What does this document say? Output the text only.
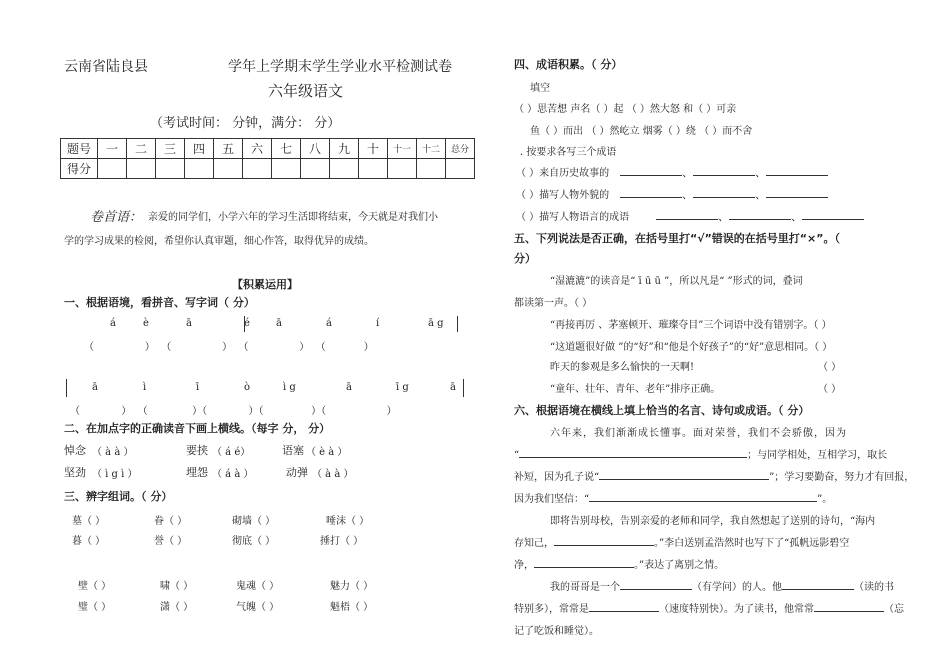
云南省陆良县	学年上学期末学生学业水平检测试卷
六年级语文
（考试时间： 分钟，满分： 分）
题号	一	二	三	四	五	六	七	八	九	十	十一	十二	总分
得分													
卷首语： 亲爱的同学们，小学六年的学习生活即将结束，今天就是对我们小
学的学习成果的检阅，希望你认真审题，细心作答，取得优异的成绩。
【积累运用】
一、根据语境，看拼音、写字词（ 分）
á	è	ā	é	ā	á	í	ā g
（                ）  （                ）  （                ）  （            ）
ā	ì	ī	ò	ì g	ā	ī g	ā
（             ）  （              ）（             ）（               ）（                   ）
二、在加点字的正确读音下画上横线。（每字 分， 分）
悼念 （ à à ）	要挟 （ á é）	语塞 （ è à ）
坚劲 （ ì g ì ）	埋怨 （ á à ）	动弹 （ à à ）
三、辨字组词。（ 分）
墓（ ）	眷（ ）	砌墙（ ）	唾沫（ ）
暮（ ）	誉（ ）	彻底（ ）	捶打（ ）
壁（ ）	啸（ ）	鬼魂（ ）	魅力（ ）
璧（ ）	潇（ ）	气魄（ ）	魁梧（ ）
四、成语积累。（ 分）
填空
（ ）思苦想 声名（ ）起 （ ）然大怒 和（ ）可亲
鱼（ ）而出 （ ）然屹立 烟雾（ ）绕 （ ）而不舍
. 按要求各写三个成语
（ ）来自历史故事的	、	、
（ ）描写人物外貌的	、	、
（ ）描写人物语言的成语	、	、
五、下列说法是否正确，在括号里打“√”错误的在括号里打“×”。（
分）
“湿漉漉”的读音是“ ī ū ū ”，所以凡是“ ”形式的词，叠词
都读第一声。（ ）
“再接再厉 、茅塞顿开、璀璨夺目”三个词语中没有错别字。（ ）
“这道题很好做 ”的“好”和“他是个好孩子”的“好”意思相同。（ ）
昨天的参观是多么愉快的一天啊!	（ ）
“童年、壮年、青年、老年”排序正确。	（ ）
六、根据语境在横线上填上恰当的名言、诗句或成语。（ 分）
六年来，我们渐渐成长懂事。面对荣誉，我们不会骄傲，因为
“	；与同学相处，互相学习，取长
补短，因为孔子说“	”；学习要勤奋，努力才有回报，
因为我们坚信：“	”。
即将告别母校，告别亲爱的老师和同学，我自然想起了送别的诗句，“海内
存知己，	。”李白送别孟浩然时也写下了“孤帆远影碧空
净，	。”表达了离别之情。
我的哥哥是一个	（有学问）的人。他	（读的书
特别多），常常是	（速度特别快）。为了读书，他常常	（忘
记了吃饭和睡觉）。
